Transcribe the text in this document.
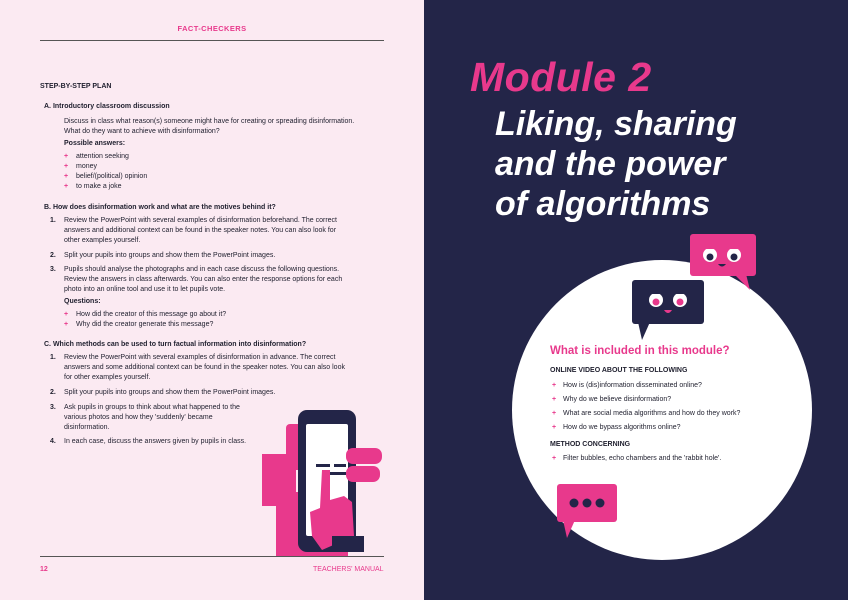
FACT-CHECKERS
STEP-BY-STEP PLAN
A. Introductory classroom discussion
Discuss in class what reason(s) someone might have for creating or spreading disinformation.
What do they want to achieve with disinformation?
Possible answers:
+ attention seeking
+ money
+ belief/(political) opinion
+ to make a joke
B. How does disinformation work and what are the motives behind it?
1. Review the PowerPoint with several examples of disinformation beforehand. The correct
answers and additional context can be found in the speaker notes. You can also look for
other examples yourself.
2. Split your pupils into groups and show them the PowerPoint images.
3. Pupils should analyse the photographs and in each case discuss the following questions.
Review the answers in class afterwards. You can also enter the response options for each
photo into an online tool and use it to let pupils vote.
Questions:
+ How did the creator of this message go about it?
+ Why did the creator generate this message?
C. Which methods can be used to turn factual information into disinformation?
1. Review the PowerPoint with several examples of disinformation in advance. The correct
answers and some additional context can be found in the speaker notes. You can also look
for other examples yourself.
2. Split your pupils into groups and show them the PowerPoint images.
3. Ask pupils in groups to think about what happened to the
various photos and how they 'suddenly' became
disinformation.
4. In each case, discuss the answers given by pupils in class.
12	TEACHERS' MANUAL
Module 2
Liking, sharing
and the power
of algorithms
What is included in this module?
ONLINE VIDEO ABOUT THE FOLLOWING
+ How is (dis)information disseminated online?
+ Why do we believe disinformation?
+ What are social media algorithms and how do they work?
+ How do we bypass algorithms online?
METHOD CONCERNING
+ Filter bubbles, echo chambers and the 'rabbit hole'.
